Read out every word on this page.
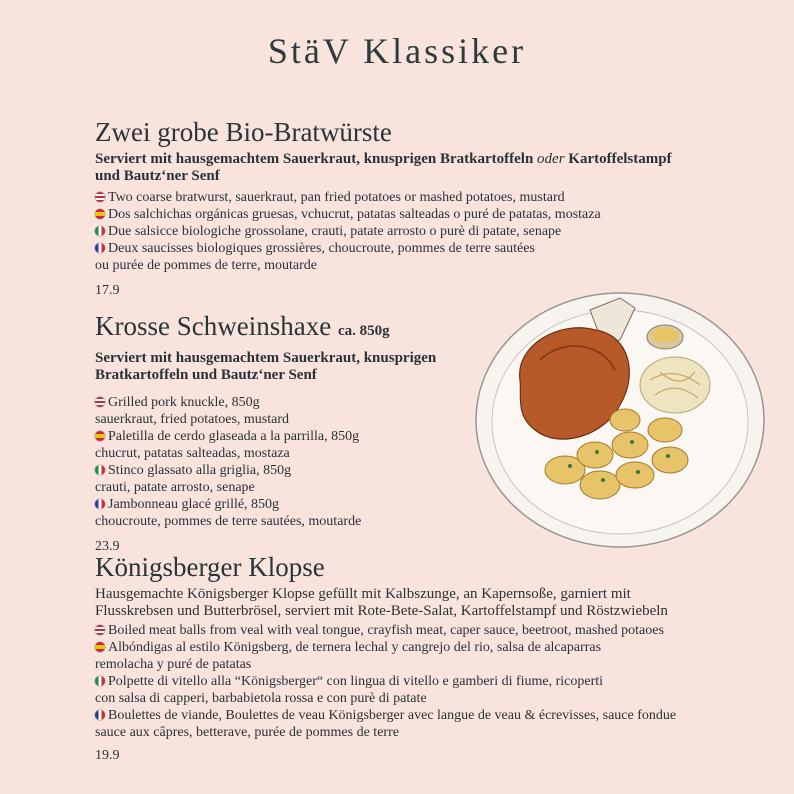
StäV Klassiker
Zwei grobe Bio-Bratwürste
Serviert mit hausgemachtem Sauerkraut, knusprigen Bratkartoffeln oder Kartoffelstampf und Bautz‘ner Senf
Two coarse bratwurst, sauerkraut, pan fried potatoes or mashed potatoes, mustard
Dos salchichas orgánicas gruesas, vchucrut, patatas salteadas o puré de patatas, mostaza
Due salsicce biologiche grossolane, crauti, patate arrosto o purè di patate, senape
Deux saucisses biologiques grossières, choucroute, pommes de terre sautées
ou purée de pommes de terre, moutarde
17.9
Krosse Schweinshaxe ca. 850g
Serviert mit hausgemachtem Sauerkraut, knusprigen
Bratkartoffeln und Bautz‘ner Senf
Grilled pork knuckle, 850g
sauerkraut, fried potatoes, mustard
Paletilla de cerdo glaseada a la parrilla, 850g
chucrut, patatas salteadas, mostaza
Stinco glassato alla griglia, 850g
crauti, patate arrosto, senape
Jambonneau glacé grillé, 850g
choucroute, pommes de terre sautées, moutarde
23.9
Königsberger Klopse
Hausgemachte Königsberger Klopse gefüllt mit Kalbszunge, an Kapernsoße, garniert mit
Flusskrebsen und Butterbrösel, serviert mit Rote-Bete-Salat, Kartoffelstampf und Röstzwiebeln
Boiled meat balls from veal with veal tongue, crayfish meat, caper sauce, beetroot, mashed potaoes
Albóndigas al estilo Königsberg, de ternera lechal y cangrejo del rio, salsa de alcaparras
remolacha y puré de patatas
Polpette di vitello alla “Königsberger“ con lingua di vitello e gamberi di fiume, ricoperti
con salsa di capperi, barbabietola rossa e con purè di patate
Boulettes de viande, Boulettes de veau Königsberger avec langue de veau & écrevisses, sauce fondue
sauce aux câpres, betterave, purée de pommes de terre
19.9
